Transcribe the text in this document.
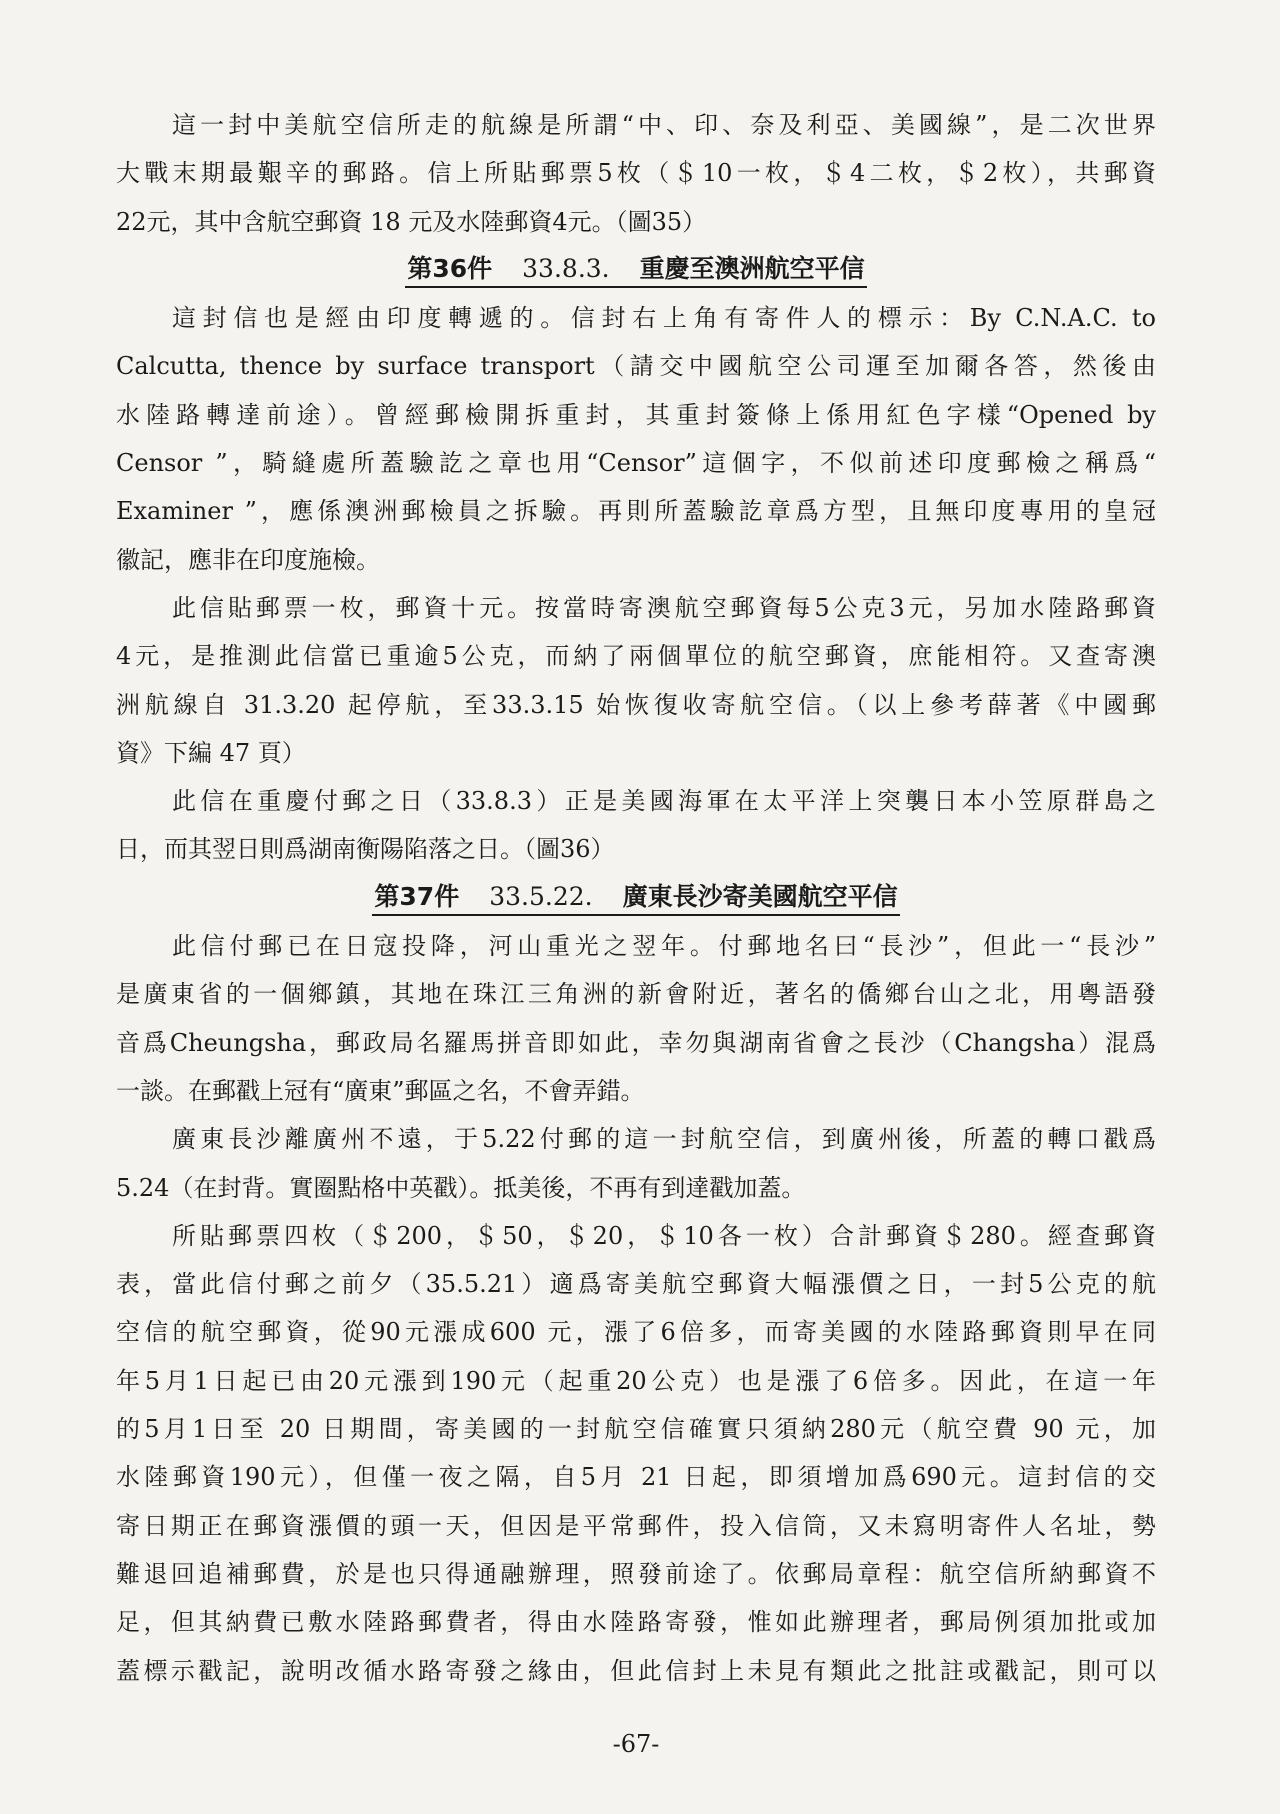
這一封中美航空信所走的航線是所謂“中、印、奈及利亞、美國線”，是二次世界
大戰末期最艱辛的郵路。信上所貼郵票5枚（＄10一枚，＄4二枚，＄2枚），共郵資
22元，其中含航空郵資 18 元及水陸郵資4元。（圖35）
第36件 33.8.3. 重慶至澳洲航空平信
這封信也是經由印度轉遞的。信封右上角有寄件人的標示：By C.N.A.C. to
Calcutta, thence by surface transport（請交中國航空公司運至加爾各答，然後由
水陸路轉達前途）。曾經郵檢開拆重封，其重封簽條上係用紅色字樣“Opened by
Censor ”，騎縫處所蓋驗訖之章也用“Censor”這個字，不似前述印度郵檢之稱爲“
Examiner ”，應係澳洲郵檢員之拆驗。再則所蓋驗訖章爲方型，且無印度專用的皇冠
徽記，應非在印度施檢。
此信貼郵票一枚，郵資十元。按當時寄澳航空郵資每5公克3元，另加水陸路郵資
4元，是推測此信當已重逾5公克，而納了兩個單位的航空郵資，庶能相符。又查寄澳
洲航線自 31.3.20 起停航，至33.3.15 始恢復收寄航空信。（以上參考薛著《中國郵
資》下編 47 頁）
此信在重慶付郵之日（33.8.3）正是美國海軍在太平洋上突襲日本小笠原群島之
日，而其翌日則爲湖南衡陽陷落之日。（圖36）
第37件 33.5.22. 廣東長沙寄美國航空平信
此信付郵已在日寇投降，河山重光之翌年。付郵地名曰“長沙”，但此一“長沙”
是廣東省的一個鄉鎮，其地在珠江三角洲的新會附近，著名的僑鄉台山之北，用粵語發
音爲Cheungsha，郵政局名羅馬拼音即如此，幸勿與湖南省會之長沙（Changsha）混爲
一談。在郵戳上冠有“廣東”郵區之名，不會弄錯。
廣東長沙離廣州不遠，于5.22付郵的這一封航空信，到廣州後，所蓋的轉口戳爲
5.24（在封背。實圈點格中英戳）。抵美後，不再有到達戳加蓋。
所貼郵票四枚（＄200，＄50，＄20，＄10各一枚）合計郵資＄280。經查郵資
表，當此信付郵之前夕（35.5.21）適爲寄美航空郵資大幅漲價之日，一封5公克的航
空信的航空郵資，從90元漲成600 元，漲了6倍多，而寄美國的水陸路郵資則早在同
年5月1日起已由20元漲到190元（起重20公克）也是漲了6倍多。因此，在這一年
的5月1日至 20 日期間，寄美國的一封航空信確實只須納280元（航空費 90 元，加
水陸郵資190元），但僅一夜之隔，自5月 21 日起，即須增加爲690元。這封信的交
寄日期正在郵資漲價的頭一天，但因是平常郵件，投入信筒，又未寫明寄件人名址，勢
難退回追補郵費，於是也只得通融辦理，照發前途了。依郵局章程：航空信所納郵資不
足，但其納費已敷水陸路郵費者，得由水陸路寄發，惟如此辦理者，郵局例須加批或加
蓋標示戳記，說明改循水路寄發之緣由，但此信封上未見有類此之批註或戳記，則可以
-67-
